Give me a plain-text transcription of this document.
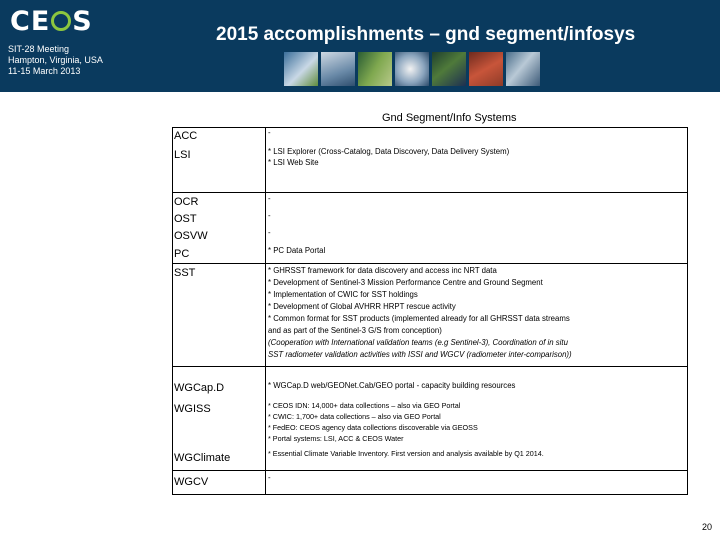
CE S
SIT-28 Meeting
Hampton, Virginia, USA
11-15 March 2013
2015 accomplishments – gnd segment/infosys
Gnd Segment/Info Systems
ACC
LSI
OCR
OST
OSVW
PC
SST
WGCap.D
WGISS
WGClimate
WGCV
-
* LSI Explorer (Cross-Catalog, Data Discovery, Data Delivery System)
* LSI Web Site
-
-
-
* PC Data Portal
* GHRSST framework for data discovery and access inc NRT data
* Development of Sentinel-3 Mission Performance Centre and Ground Segment
* Implementation of CWIC for SST holdings
* Development of Global AVHRR HRPT rescue activity
* Common format for SST products (implemented already for all GHRSST data streams
and as part of the Sentinel-3 G/S from conception)
(Cooperation with International validation teams (e.g Sentinel-3), Coordination of in situ
SST radiometer validation activities with ISSI and WGCV (radiometer inter-comparison))
* WGCap.D web/GEONet.Cab/GEO portal - capacity building resources
* CEOS IDN: 14,000+ data collections – also via GEO Portal
* CWIC: 1,700+ data collections – also via GEO Portal
* FedEO: CEOS agency data collections discoverable via GEOSS
* Portal systems: LSI, ACC & CEOS Water
* Essential Climate Variable Inventory. First version and analysis available by Q1 2014.
-
20
